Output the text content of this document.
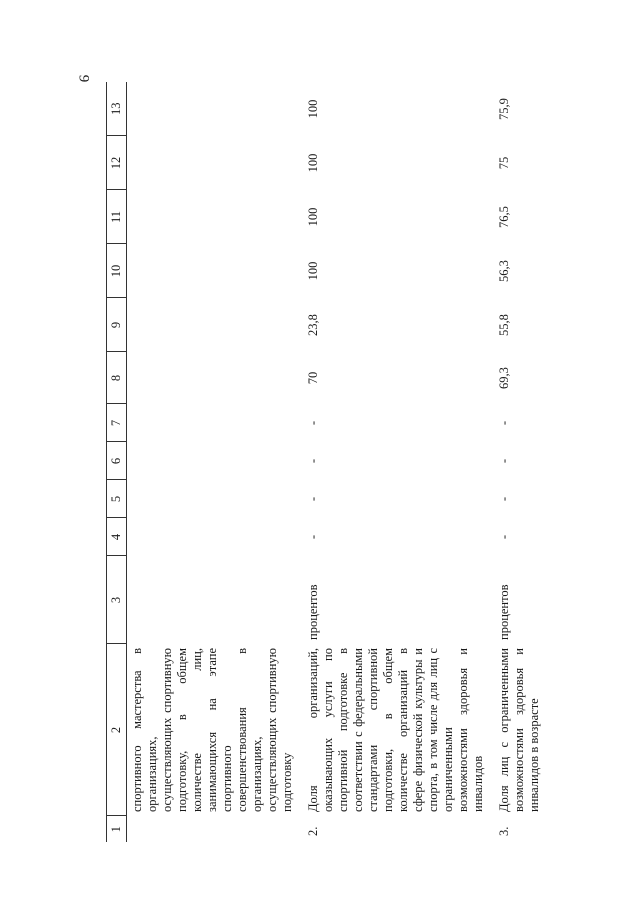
9
1	2	3	4	5	6	7	8	9	10	11	12	13
	спортивного мастерства в организациях, осуществляющих спортивную подготовку, в общем количестве лиц, занимающихся на этапе спортивного совершенствования в организациях, осуществляющих спортивную подготовку											
2.	Доля организаций, оказывающих услуги по спортивной подготовке в соответствии с федеральными стандартами спортивной подготовки, в общем количестве организаций в сфере физической культуры и спорта, в том числе для лиц с ограниченными возможностями здоровья и инвалидов	процентов	-	-	-	-	70	23,8	100	100	100	100
3.	Доля лиц с ограниченными возможностями здоровья и инвалидов в возрасте	процентов	-	-	-	-	69,3	55,8	56,3	76,5	75	75,9
